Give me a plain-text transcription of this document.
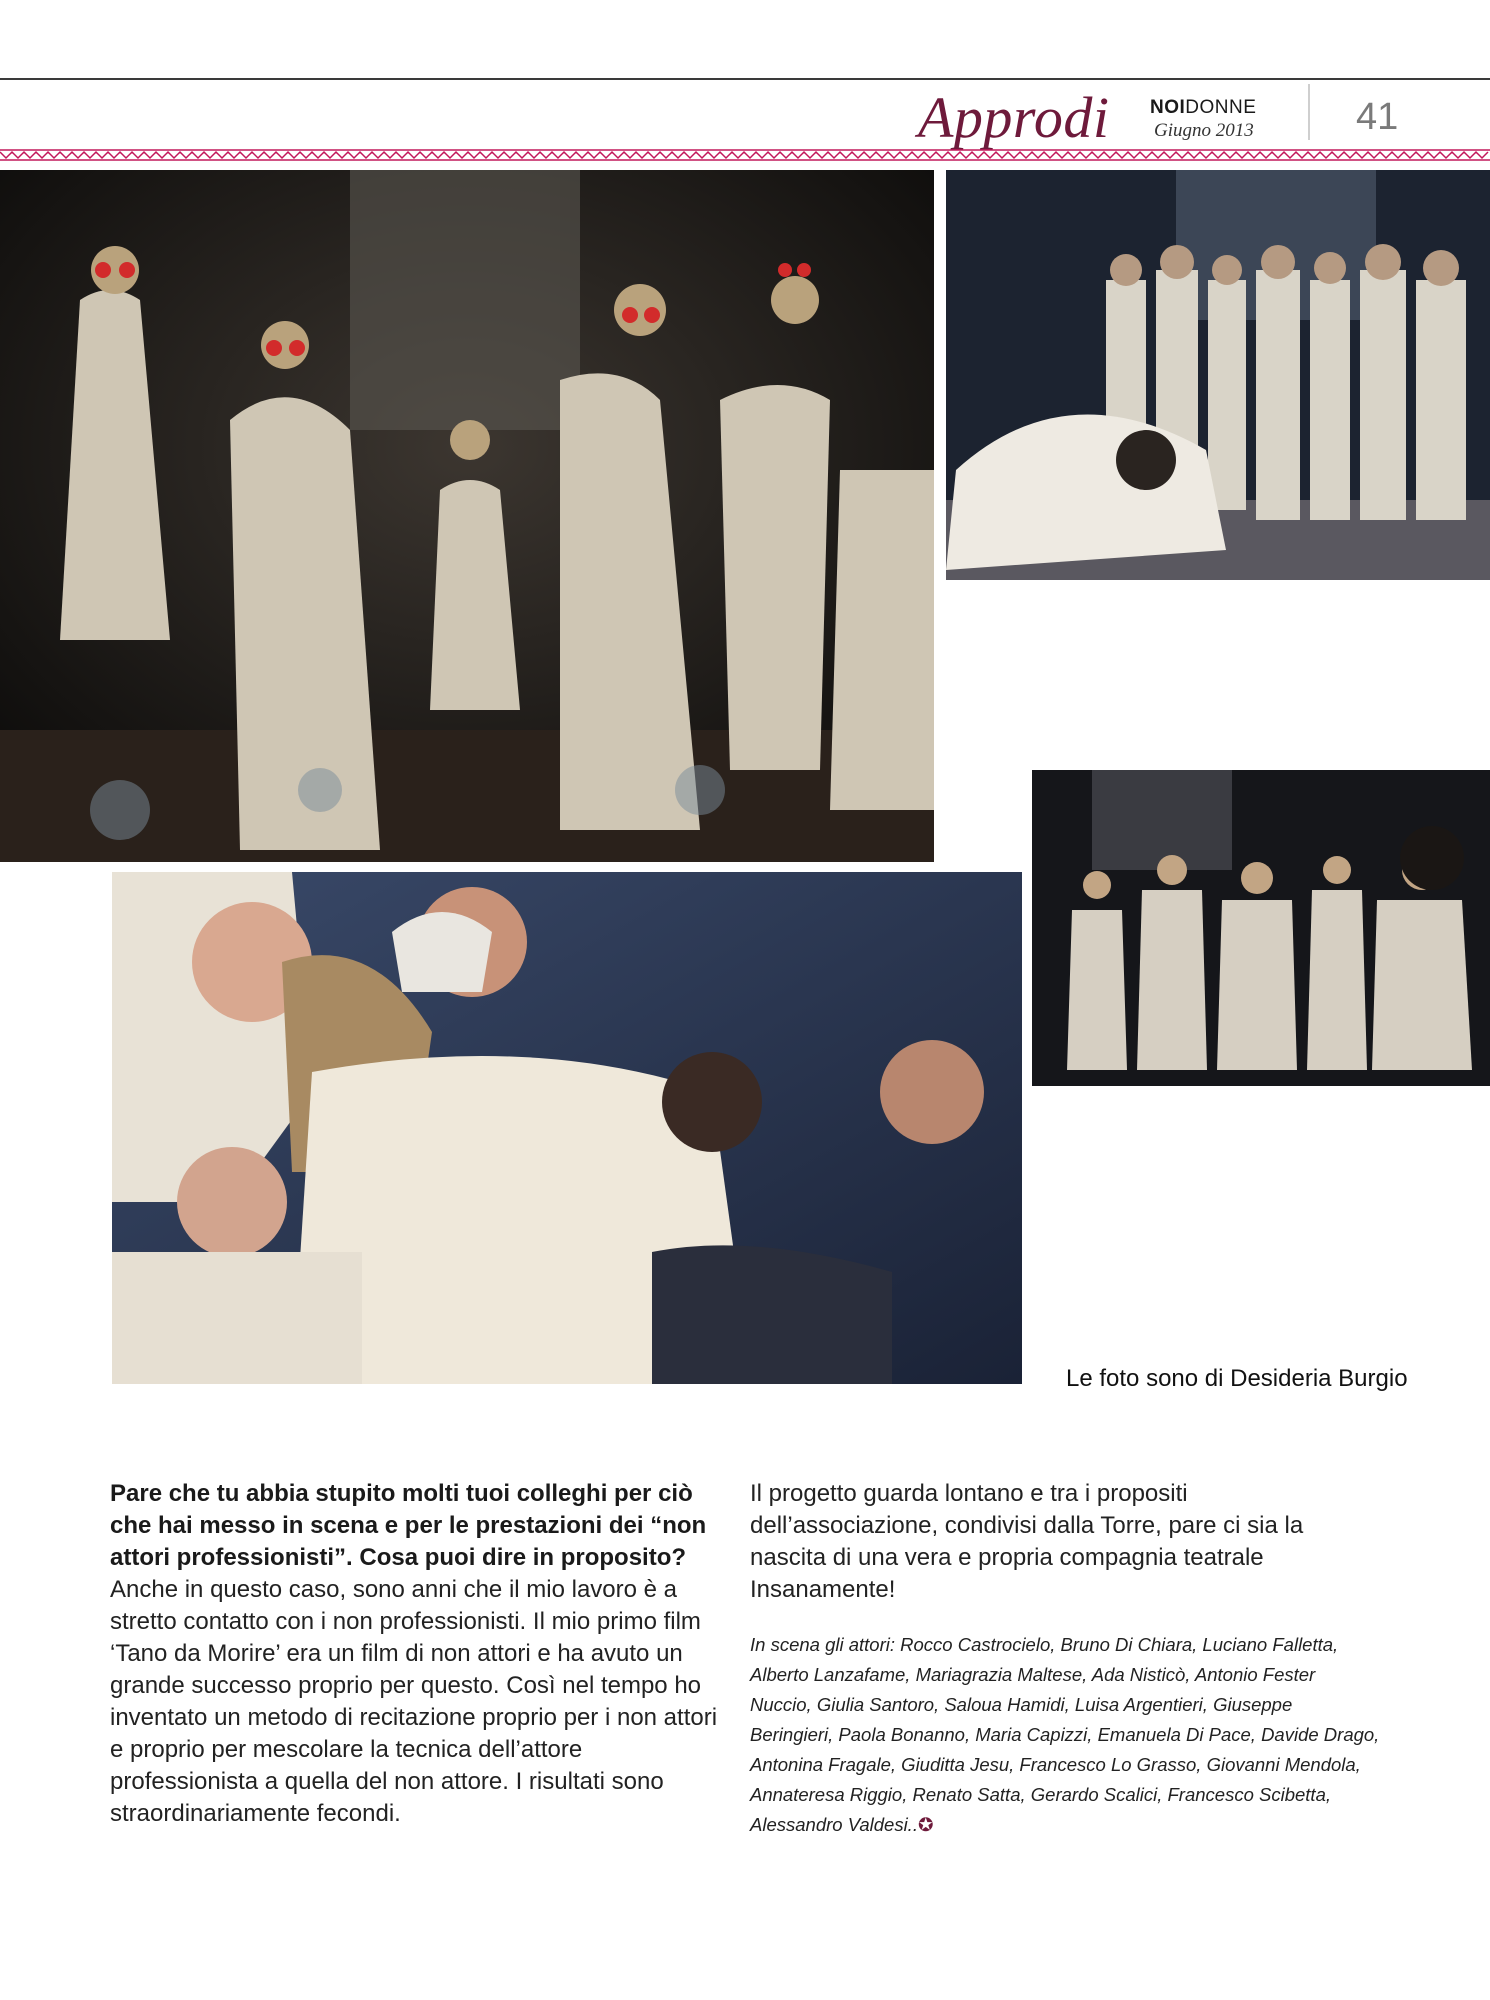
Approdi NOIDONNE
Giugno 2013	41
Le foto sono di Desideria Burgio

Pare che tu abbia stupito molti tuoi colleghi per ciò che hai messo in scena e per le prestazioni dei “non attori professionisti”. Cosa puoi dire in proposito?

Anche in questo caso, sono anni che il mio lavoro è a stretto contatto con i non professionisti. Il mio primo film ‘Tano da Morire’ era un film di non attori e ha avuto un grande successo proprio per questo. Così nel tempo ho inventato un metodo di recitazione proprio per i non attori e proprio per mescolare la tecnica dell’attore professionista a quella del non attore. I risultati sono straordinariamente fecondi.

Il progetto guarda lontano e tra i propositi dell’associazione, condivisi dalla Torre, pare ci sia la nascita di una vera e propria compagnia teatrale Insanamente!

In scena gli attori: Rocco Castrocielo, Bruno Di Chiara, Luciano Falletta, Alberto Lanzafame, Mariagrazia Maltese, Ada Nisticò, Antonio Fester Nuccio, Giulia Santoro, Saloua Hamidi, Luisa Argentieri, Giuseppe Beringieri, Paola Bonanno, Maria Capizzi, Emanuela Di Pace, Davide Drago, Antonina Fragale, Giuditta Jesu, Francesco Lo Grasso, Giovanni Mendola, Annateresa Riggio, Renato Satta, Gerardo Scalici, Francesco Scibetta, Alessandro Valdesi..✪
